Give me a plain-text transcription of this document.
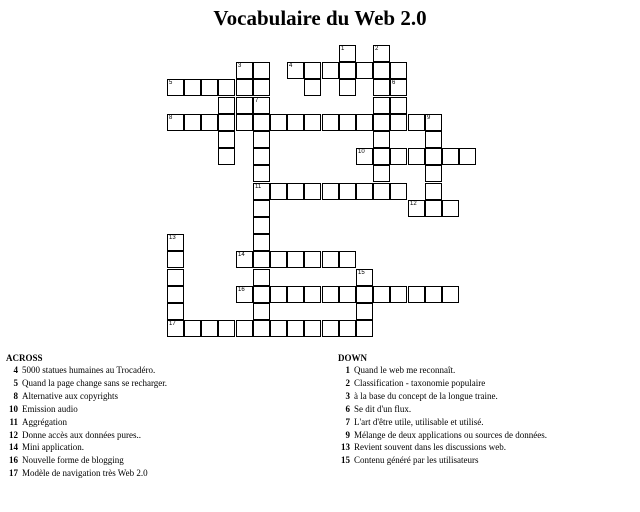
Vocabulaire du Web 2.0
1	2
3	4
5	6
7
8	9
10
11
12
13
14
15
16
17
ACROSS
4 5000 statues humaines au Trocadéro.
5 Quand la page change sans se recharger.
8 Alternative aux copyrights
10 Emission audio
11 Aggrégation
12 Donne accès aux données pures..
14 Mini application.
16 Nouvelle forme de blogging
17 Modèle de navigation très Web 2.0
DOWN
1 Quand le web me reconnaît.
2 Classification - taxonomie populaire
3 à la base du concept de la longue traine.
6 Se dit d'un flux.
7 L'art d'être utile, utilisable et utilisé.
9 Mélange de deux applications ou sources de données.
13 Revient souvent dans les discussions web.
15 Contenu généré par les utilisateurs
